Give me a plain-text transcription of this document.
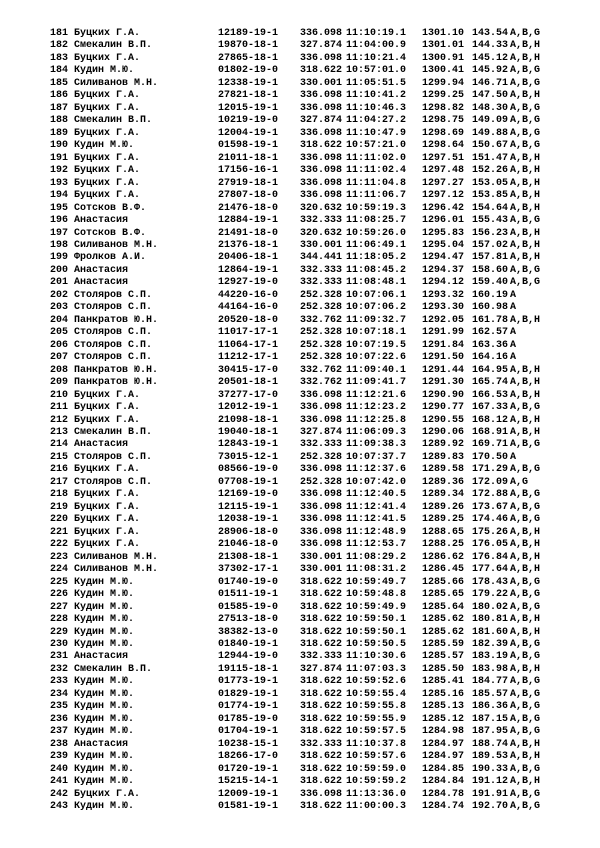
181	Буцких Г.А.	12189-19-1	336.098	11:10:19.1	1301.10	143.54	A,B,G
182	Смекалин В.П.	19870-18-1	327.874	11:04:00.9	1301.01	144.33	A,B,H
183	Буцких Г.А.	27865-18-1	336.098	11:10:21.4	1300.91	145.12	A,B,H
184	Кудин М.Ю.	01802-19-0	318.622	10:57:01.0	1300.41	145.92	A,B,G
185	Силиванов М.Н.	12338-19-1	330.001	11:05:51.5	1299.94	146.71	A,B,G
186	Буцких Г.А.	27821-18-1	336.098	11:10:41.2	1299.25	147.50	A,B,H
187	Буцких Г.А.	12015-19-1	336.098	11:10:46.3	1298.82	148.30	A,B,G
188	Смекалин В.П.	10219-19-0	327.874	11:04:27.2	1298.75	149.09	A,B,G
189	Буцких Г.А.	12004-19-1	336.098	11:10:47.9	1298.69	149.88	A,B,G
190	Кудин М.Ю.	01598-19-1	318.622	10:57:21.0	1298.64	150.67	A,B,G
191	Буцких Г.А.	21011-18-1	336.098	11:11:02.0	1297.51	151.47	A,B,H
192	Буцких Г.А.	17156-16-1	336.098	11:11:02.4	1297.48	152.26	A,B,H
193	Буцких Г.А.	27919-18-1	336.098	11:11:04.8	1297.27	153.05	A,B,H
194	Буцких Г.А.	27807-18-0	336.098	11:11:06.7	1297.12	153.85	A,B,H
195	Сотсков В.Ф.	21476-18-0	320.632	10:59:19.3	1296.42	154.64	A,B,H
196	Анастасия	12884-19-1	332.333	11:08:25.7	1296.01	155.43	A,B,G
197	Сотсков В.Ф.	21491-18-0	320.632	10:59:26.0	1295.83	156.23	A,B,H
198	Силиванов М.Н.	21376-18-1	330.001	11:06:49.1	1295.04	157.02	A,B,H
199	Фролков А.И.	20406-18-1	344.441	11:18:05.2	1294.47	157.81	A,B,H
200	Анастасия	12864-19-1	332.333	11:08:45.2	1294.37	158.60	A,B,G
201	Анастасия	12927-19-0	332.333	11:08:48.1	1294.12	159.40	A,B,G
202	Столяров С.П.	44220-16-0	252.328	10:07:06.1	1293.32	160.19	A
203	Столяров С.П.	44164-16-0	252.328	10:07:06.2	1293.30	160.98	A
204	Панкратов Ю.Н.	20520-18-0	332.762	11:09:32.7	1292.05	161.78	A,B,H
205	Столяров С.П.	11017-17-1	252.328	10:07:18.1	1291.99	162.57	A
206	Столяров С.П.	11064-17-1	252.328	10:07:19.5	1291.84	163.36	A
207	Столяров С.П.	11212-17-1	252.328	10:07:22.6	1291.50	164.16	A
208	Панкратов Ю.Н.	30415-17-0	332.762	11:09:40.1	1291.44	164.95	A,B,H
209	Панкратов Ю.Н.	20501-18-1	332.762	11:09:41.7	1291.30	165.74	A,B,H
210	Буцких Г.А.	37277-17-0	336.098	11:12:21.6	1290.90	166.53	A,B,H
211	Буцких Г.А.	12012-19-1	336.098	11:12:23.2	1290.77	167.33	A,B,G
212	Буцких Г.А.	21098-18-1	336.098	11:12:25.8	1290.55	168.12	A,B,H
213	Смекалин В.П.	19040-18-1	327.874	11:06:09.3	1290.06	168.91	A,B,H
214	Анастасия	12843-19-1	332.333	11:09:38.3	1289.92	169.71	A,B,G
215	Столяров С.П.	73015-12-1	252.328	10:07:37.7	1289.83	170.50	A
216	Буцких Г.А.	08566-19-0	336.098	11:12:37.6	1289.58	171.29	A,B,G
217	Столяров С.П.	07708-19-1	252.328	10:07:42.0	1289.36	172.09	A,G
218	Буцких Г.А.	12169-19-0	336.098	11:12:40.5	1289.34	172.88	A,B,G
219	Буцких Г.А.	12115-19-1	336.098	11:12:41.4	1289.26	173.67	A,B,G
220	Буцких Г.А.	12038-19-1	336.098	11:12:41.5	1289.25	174.46	A,B,G
221	Буцких Г.А.	28906-18-0	336.098	11:12:48.9	1288.65	175.26	A,B,H
222	Буцких Г.А.	21046-18-0	336.098	11:12:53.7	1288.25	176.05	A,B,H
223	Силиванов М.Н.	21308-18-1	330.001	11:08:29.2	1286.62	176.84	A,B,H
224	Силиванов М.Н.	37302-17-1	330.001	11:08:31.2	1286.45	177.64	A,B,H
225	Кудин М.Ю.	01740-19-0	318.622	10:59:49.7	1285.66	178.43	A,B,G
226	Кудин М.Ю.	01511-19-1	318.622	10:59:48.8	1285.65	179.22	A,B,G
227	Кудин М.Ю.	01585-19-0	318.622	10:59:49.9	1285.64	180.02	A,B,G
228	Кудин М.Ю.	27513-18-0	318.622	10:59:50.1	1285.62	180.81	A,B,H
229	Кудин М.Ю.	38382-13-0	318.622	10:59:50.1	1285.62	181.60	A,B,H
230	Кудин М.Ю.	01840-19-1	318.622	10:59:50.5	1285.59	182.39	A,B,G
231	Анастасия	12944-19-0	332.333	11:10:30.6	1285.57	183.19	A,B,G
232	Смекалин В.П.	19115-18-1	327.874	11:07:03.3	1285.50	183.98	A,B,H
233	Кудин М.Ю.	01773-19-1	318.622	10:59:52.6	1285.41	184.77	A,B,G
234	Кудин М.Ю.	01829-19-1	318.622	10:59:55.4	1285.16	185.57	A,B,G
235	Кудин М.Ю.	01774-19-1	318.622	10:59:55.8	1285.13	186.36	A,B,G
236	Кудин М.Ю.	01785-19-0	318.622	10:59:55.9	1285.12	187.15	A,B,G
237	Кудин М.Ю.	01704-19-1	318.622	10:59:57.5	1284.98	187.95	A,B,G
238	Анастасия	10238-15-1	332.333	11:10:37.8	1284.97	188.74	A,B,H
239	Кудин М.Ю.	18266-17-0	318.622	10:59:57.6	1284.97	189.53	A,B,H
240	Кудин М.Ю.	01720-19-1	318.622	10:59:59.0	1284.85	190.33	A,B,G
241	Кудин М.Ю.	15215-14-1	318.622	10:59:59.2	1284.84	191.12	A,B,H
242	Буцких Г.А.	12009-19-1	336.098	11:13:36.0	1284.78	191.91	A,B,G
243	Кудин М.Ю.	01581-19-1	318.622	11:00:00.3	1284.74	192.70	A,B,G
